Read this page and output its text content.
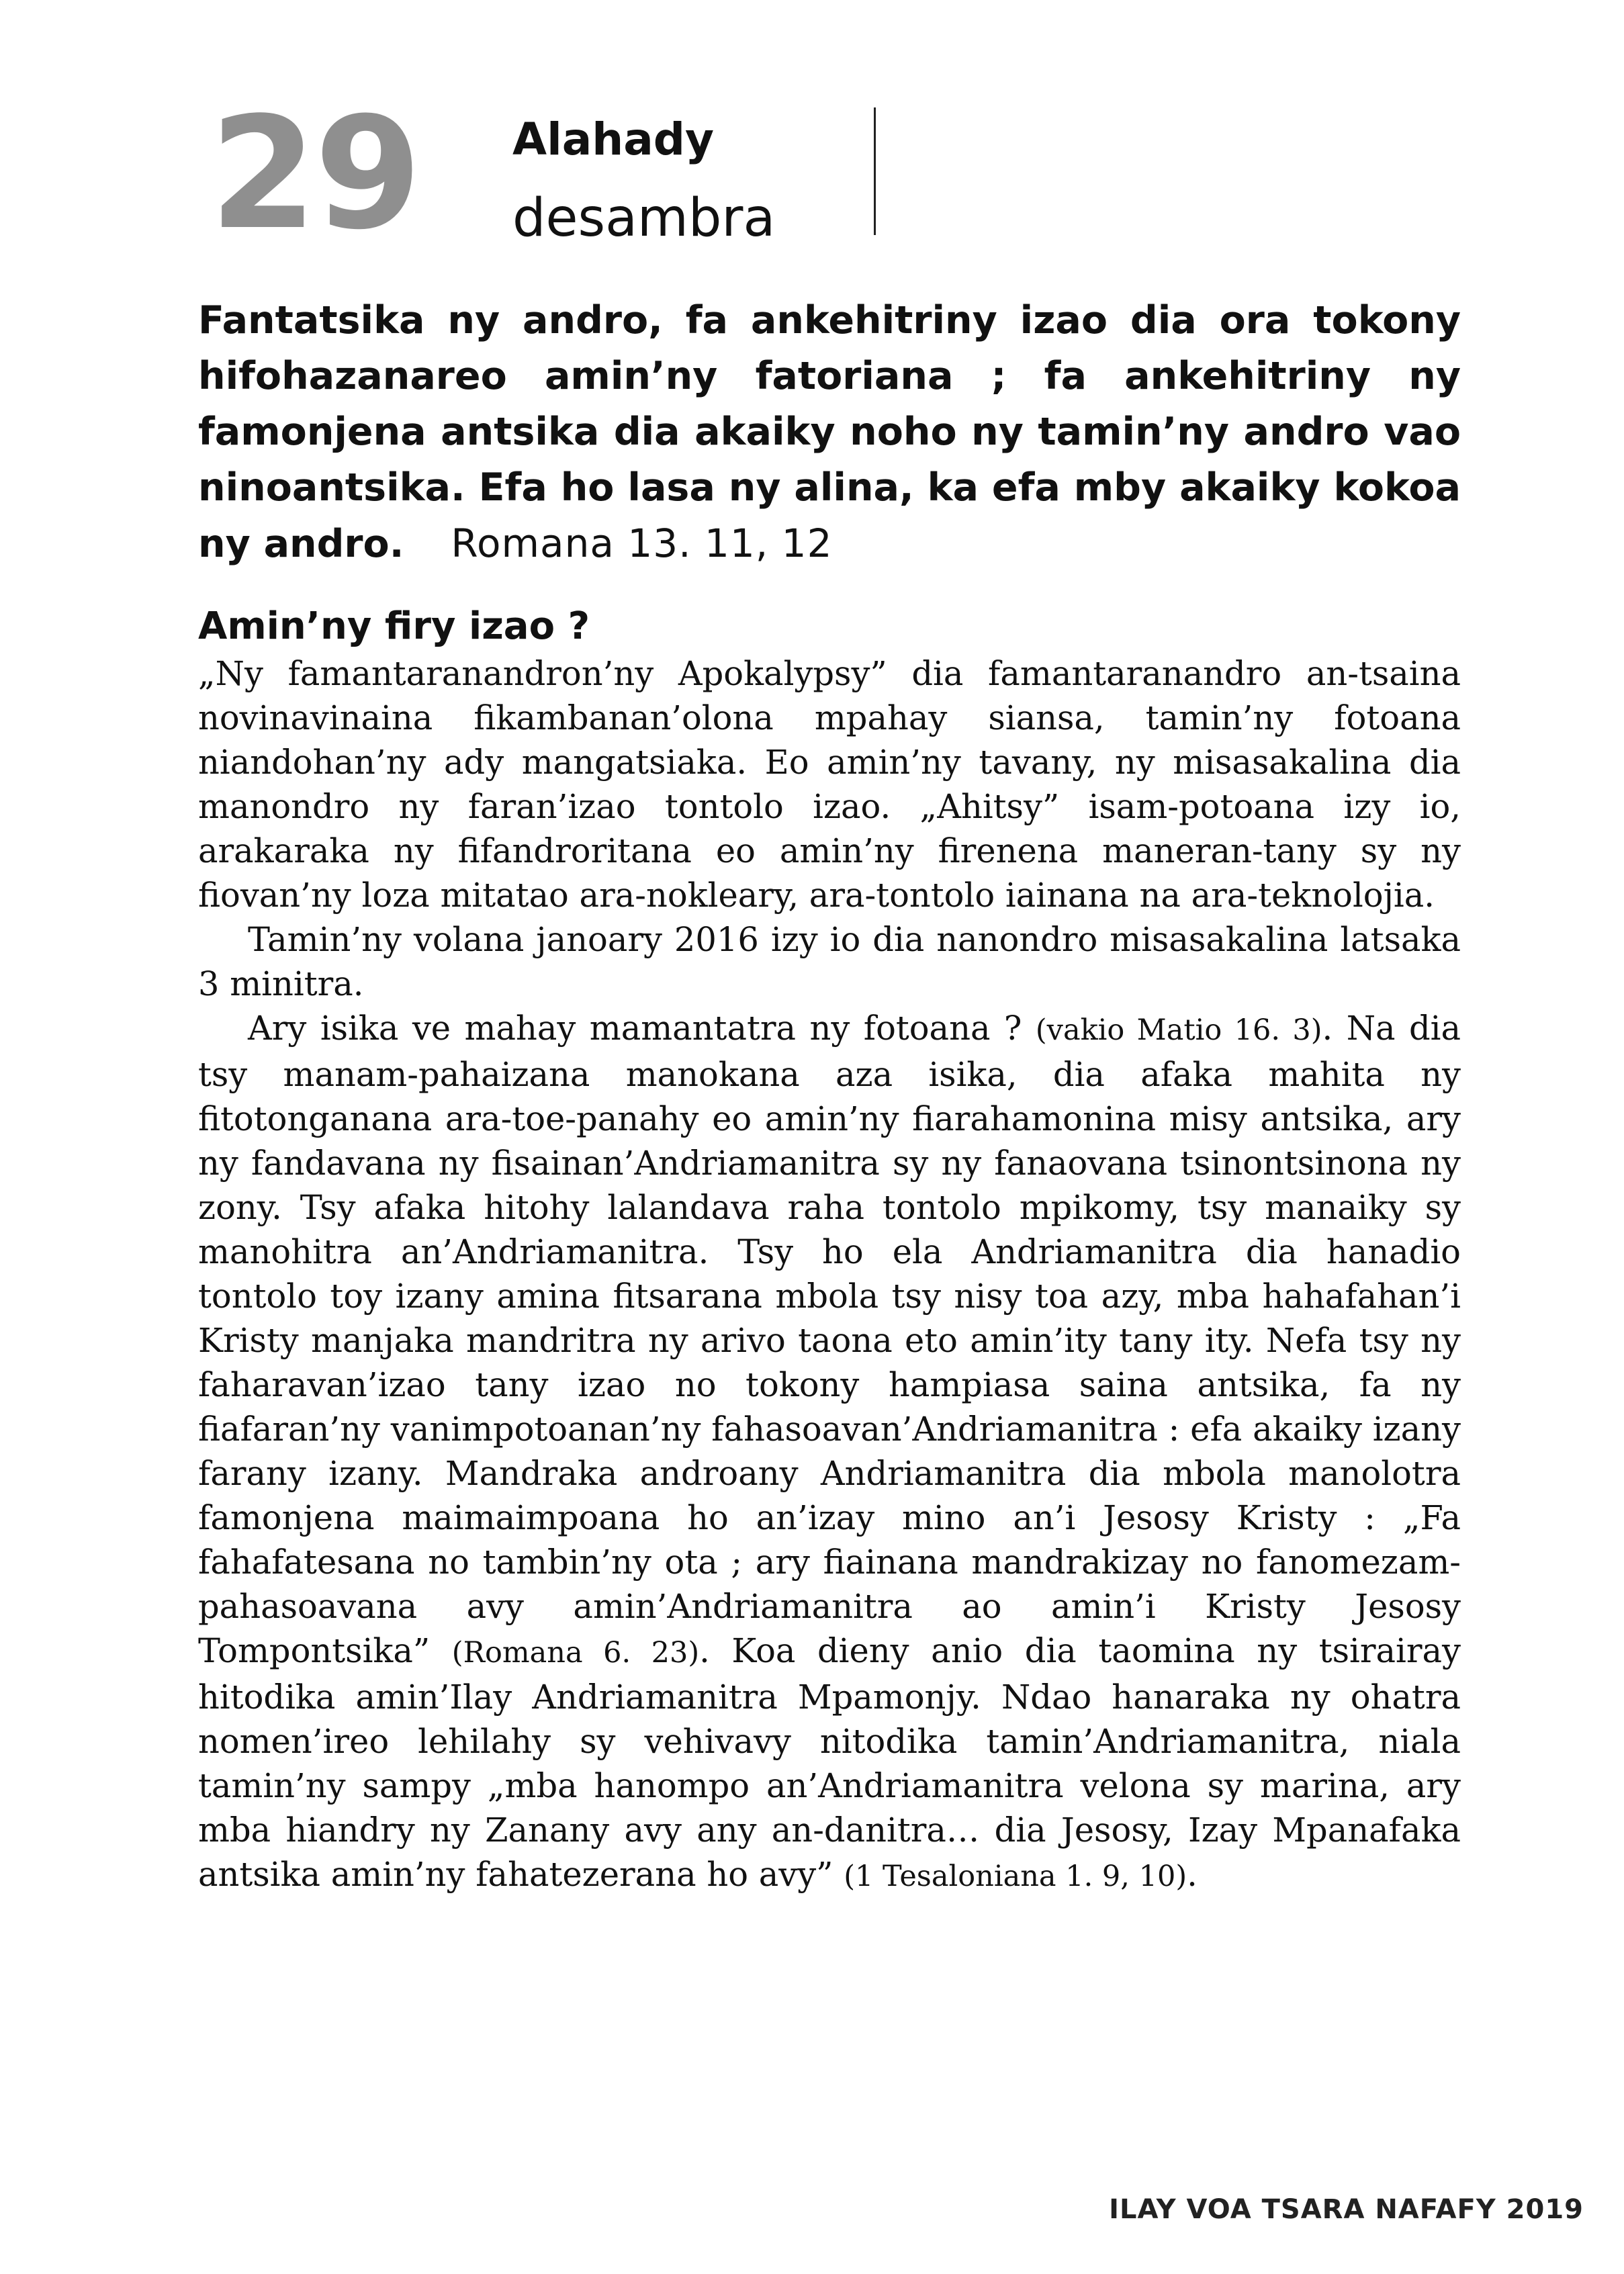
29 Alahady
desambra
Fantatsika ny andro, fa ankehitriny izao dia ora tokony hifohazanareo amin’ny fatoriana ; fa ankehitriny ny famonjena antsika dia akaiky noho ny tamin’ny andro vao ninoantsika. Efa ho lasa ny alina, ka efa mby akaiky kokoa ny andro. Romana 13. 11, 12
Amin’ny firy izao ?

„Ny famantaranandron’ny Apokalypsy” dia famantaranandro an-tsaina novinavinaina fikambanan’olona mpahay siansa, tamin’ny fotoana niandohan’ny ady mangatsiaka. Eo amin’ny tavany, ny misasakalina dia manondro ny faran’izao tontolo izao. „Ahitsy” isam-potoana izy io, arakaraka ny fifandroritana eo amin’ny firenena maneran-tany sy ny fiovan’ny loza mitatao ara-nokleary, ara-tontolo iainana na ara-teknolojia.

Tamin’ny volana janoary 2016 izy io dia nanondro misasakalina latsaka 3 minitra.

Ary isika ve mahay mamantatra ny fotoana ? (vakio Matio 16. 3). Na dia tsy manam-pahaizana manokana aza isika, dia afaka mahita ny fitotonganana ara-toe-panahy eo amin’ny fiarahamonina misy antsika, ary ny fandavana ny fisainan’Andriamanitra sy ny fanaovana tsinontsinona ny zony. Tsy afaka hitohy lalandava raha tontolo mpikomy, tsy manaiky sy manohitra an’Andriamanitra. Tsy ho ela Andriamanitra dia hanadio tontolo toy izany amina fitsarana mbola tsy nisy toa azy, mba hahafahan’i Kristy manjaka mandritra ny arivo taona eto amin’ity tany ity. Nefa tsy ny faharavan’izao tany izao no tokony hampiasa saina antsika, fa ny fiafaran’ny vanimpotoanan’ny fahasoavan’Andriamanitra : efa akaiky izany farany izany. Mandraka androany Andriamanitra dia mbola manolotra famonjena maimaimpoana ho an’izay mino an’i Jesosy Kristy : „Fa fahafatesana no tambin’ny ota ; ary fiainana mandrakizay no fanomezam-pahasoavana avy amin’Andriamanitra ao amin’i Kristy Jesosy Tompontsika” (Romana 6. 23). Koa dieny anio dia taomina ny tsirairay hitodika amin’Ilay Andriamanitra Mpamonjy. Ndao hanaraka ny ohatra nomen’ireo lehilahy sy vehivavy nitodika tamin’Andriamanitra, niala tamin’ny sampy „mba hanompo an’Andriamanitra velona sy marina, ary mba hiandry ny Zanany avy any an-danitra… dia Jesosy, Izay Mpanafaka antsika amin’ny fahatezerana ho avy” (1 Tesaloniana 1. 9, 10).

ILAY VOA TSARA NAFAFY 2019
